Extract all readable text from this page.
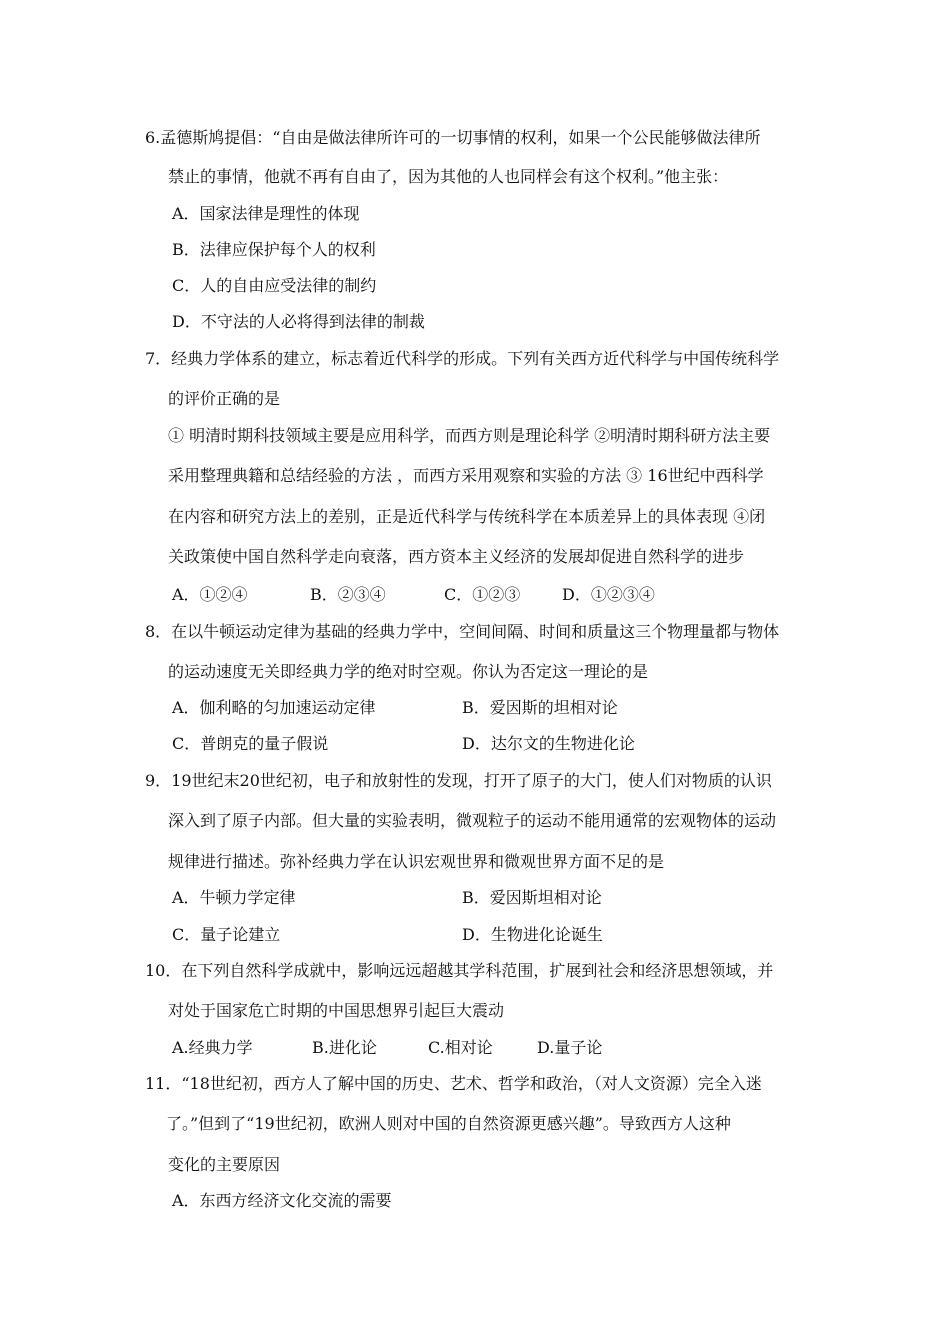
6.孟德斯鸠提倡：“自由是做法律所许可的一切事情的权利，如果一个公民能够做法律所
禁止的事情，他就不再有自由了，因为其他的人也同样会有这个权利。”他主张：
A．国家法律是理性的体现
B．法律应保护每个人的权利
C．人的自由应受法律的制约
D．不守法的人必将得到法律的制裁
7．经典力学体系的建立，标志着近代科学的形成。下列有关西方近代科学与中国传统科学
的评价正确的是
① 明清时期科技领域主要是应用科学，而西方则是理论科学 ②明清时期科研方法主要
采用整理典籍和总结经验的方法 ，而西方采用观察和实验的方法 ③ 16世纪中西科学
在内容和研究方法上的差别，正是近代科学与传统科学在本质差异上的具体表现 ④闭
关政策使中国自然科学走向衰落，西方资本主义经济的发展却促进自然科学的进步
A．①②④	B．②③④	C．①②③	D．①②③④
8．在以牛顿运动定律为基础的经典力学中，空间间隔、时间和质量这三个物理量都与物体
的运动速度无关即经典力学的绝对时空观。你认为否定这一理论的是
A．伽利略的匀加速运动定律	B．爱因斯的坦相对论
C．普朗克的量子假说	D．达尔文的生物进化论
9．19世纪末20世纪初，电子和放射性的发现，打开了原子的大门，使人们对物质的认识
深入到了原子内部。但大量的实验表明，微观粒子的运动不能用通常的宏观物体的运动
规律进行描述。弥补经典力学在认识宏观世界和微观世界方面不足的是
A．牛顿力学定律	B．爱因斯坦相对论
C．量子论建立	D．生物进化论诞生
10．在下列自然科学成就中，影响远远超越其学科范围，扩展到社会和经济思想领域，并
对处于国家危亡时期的中国思想界引起巨大震动
A.经典力学	B.进化论	C.相对论	D.量子论
11．“18世纪初，西方人了解中国的历史、艺术、哲学和政治，（对人文资源）完全入迷
了。”但到了“19世纪初，欧洲人则对中国的自然资源更感兴趣”。导致西方人这种
变化的主要原因
A．东西方经济文化交流的需要
